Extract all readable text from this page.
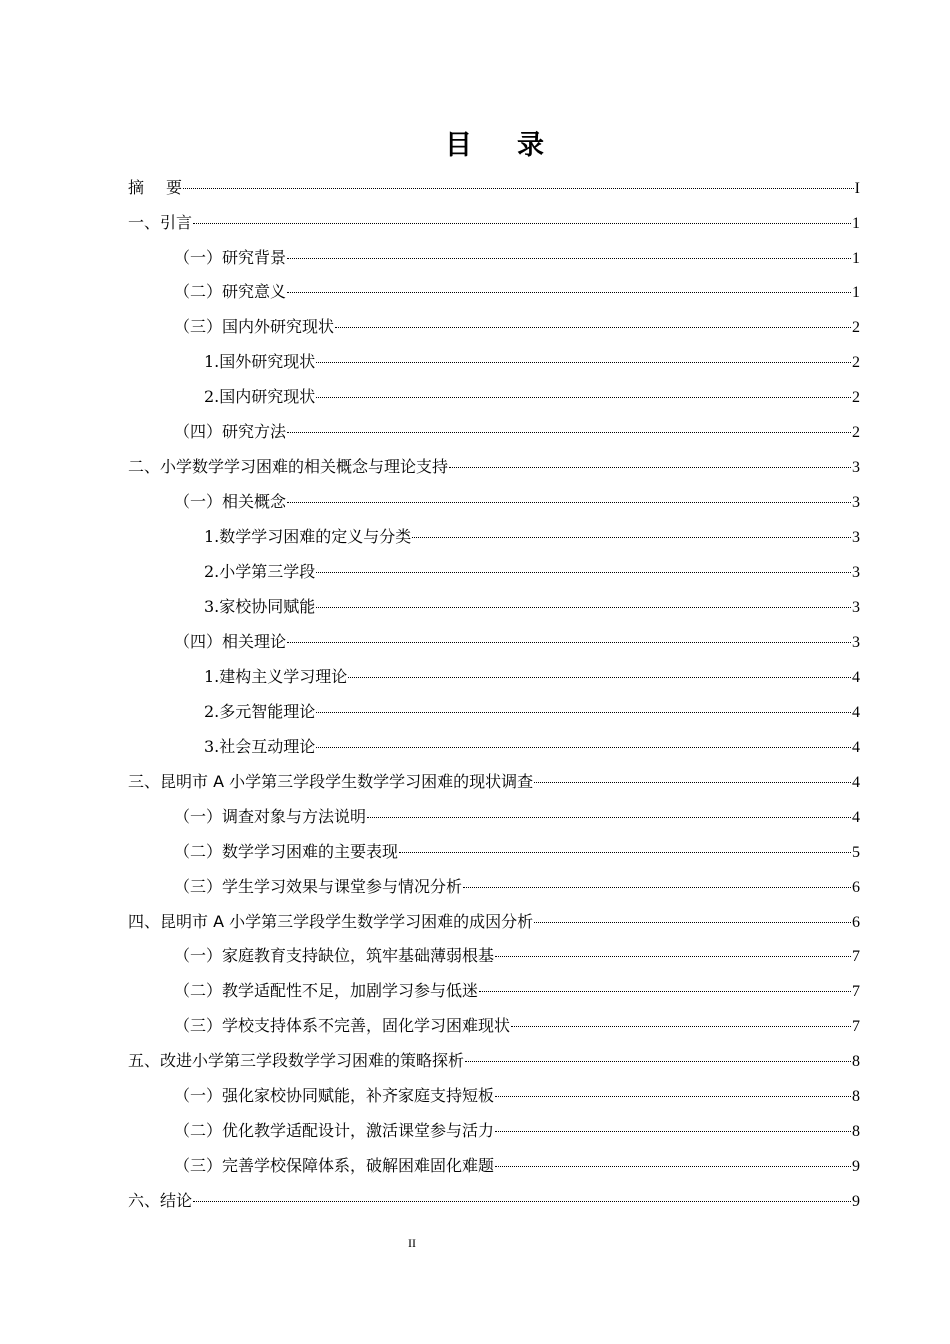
目 录
摘 要	I
一、引言	1
（一）研究背景	1
（二）研究意义	1
（三）国内外研究现状	2
1.国外研究现状	2
2.国内研究现状	2
（四）研究方法	2
二、小学数学学习困难的相关概念与理论支持	3
（一）相关概念	3
1.数学学习困难的定义与分类	3
2.小学第三学段	3
3.家校协同赋能	3
（四）相关理论	3
1.建构主义学习理论	4
2.多元智能理论	4
3.社会互动理论	4
三、昆明市 A 小学第三学段学生数学学习困难的现状调查	4
（一）调查对象与方法说明	4
（二）数学学习困难的主要表现	5
（三）学生学习效果与课堂参与情况分析	6
四、昆明市 A 小学第三学段学生数学学习困难的成因分析	6
（一）家庭教育支持缺位，筑牢基础薄弱根基	7
（二）教学适配性不足，加剧学习参与低迷	7
（三）学校支持体系不完善，固化学习困难现状	7
五、改进小学第三学段数学学习困难的策略探析	8
（一）强化家校协同赋能，补齐家庭支持短板	8
（二）优化教学适配设计，激活课堂参与活力	8
（三）完善学校保障体系，破解困难固化难题	9
六、结论	9
II
